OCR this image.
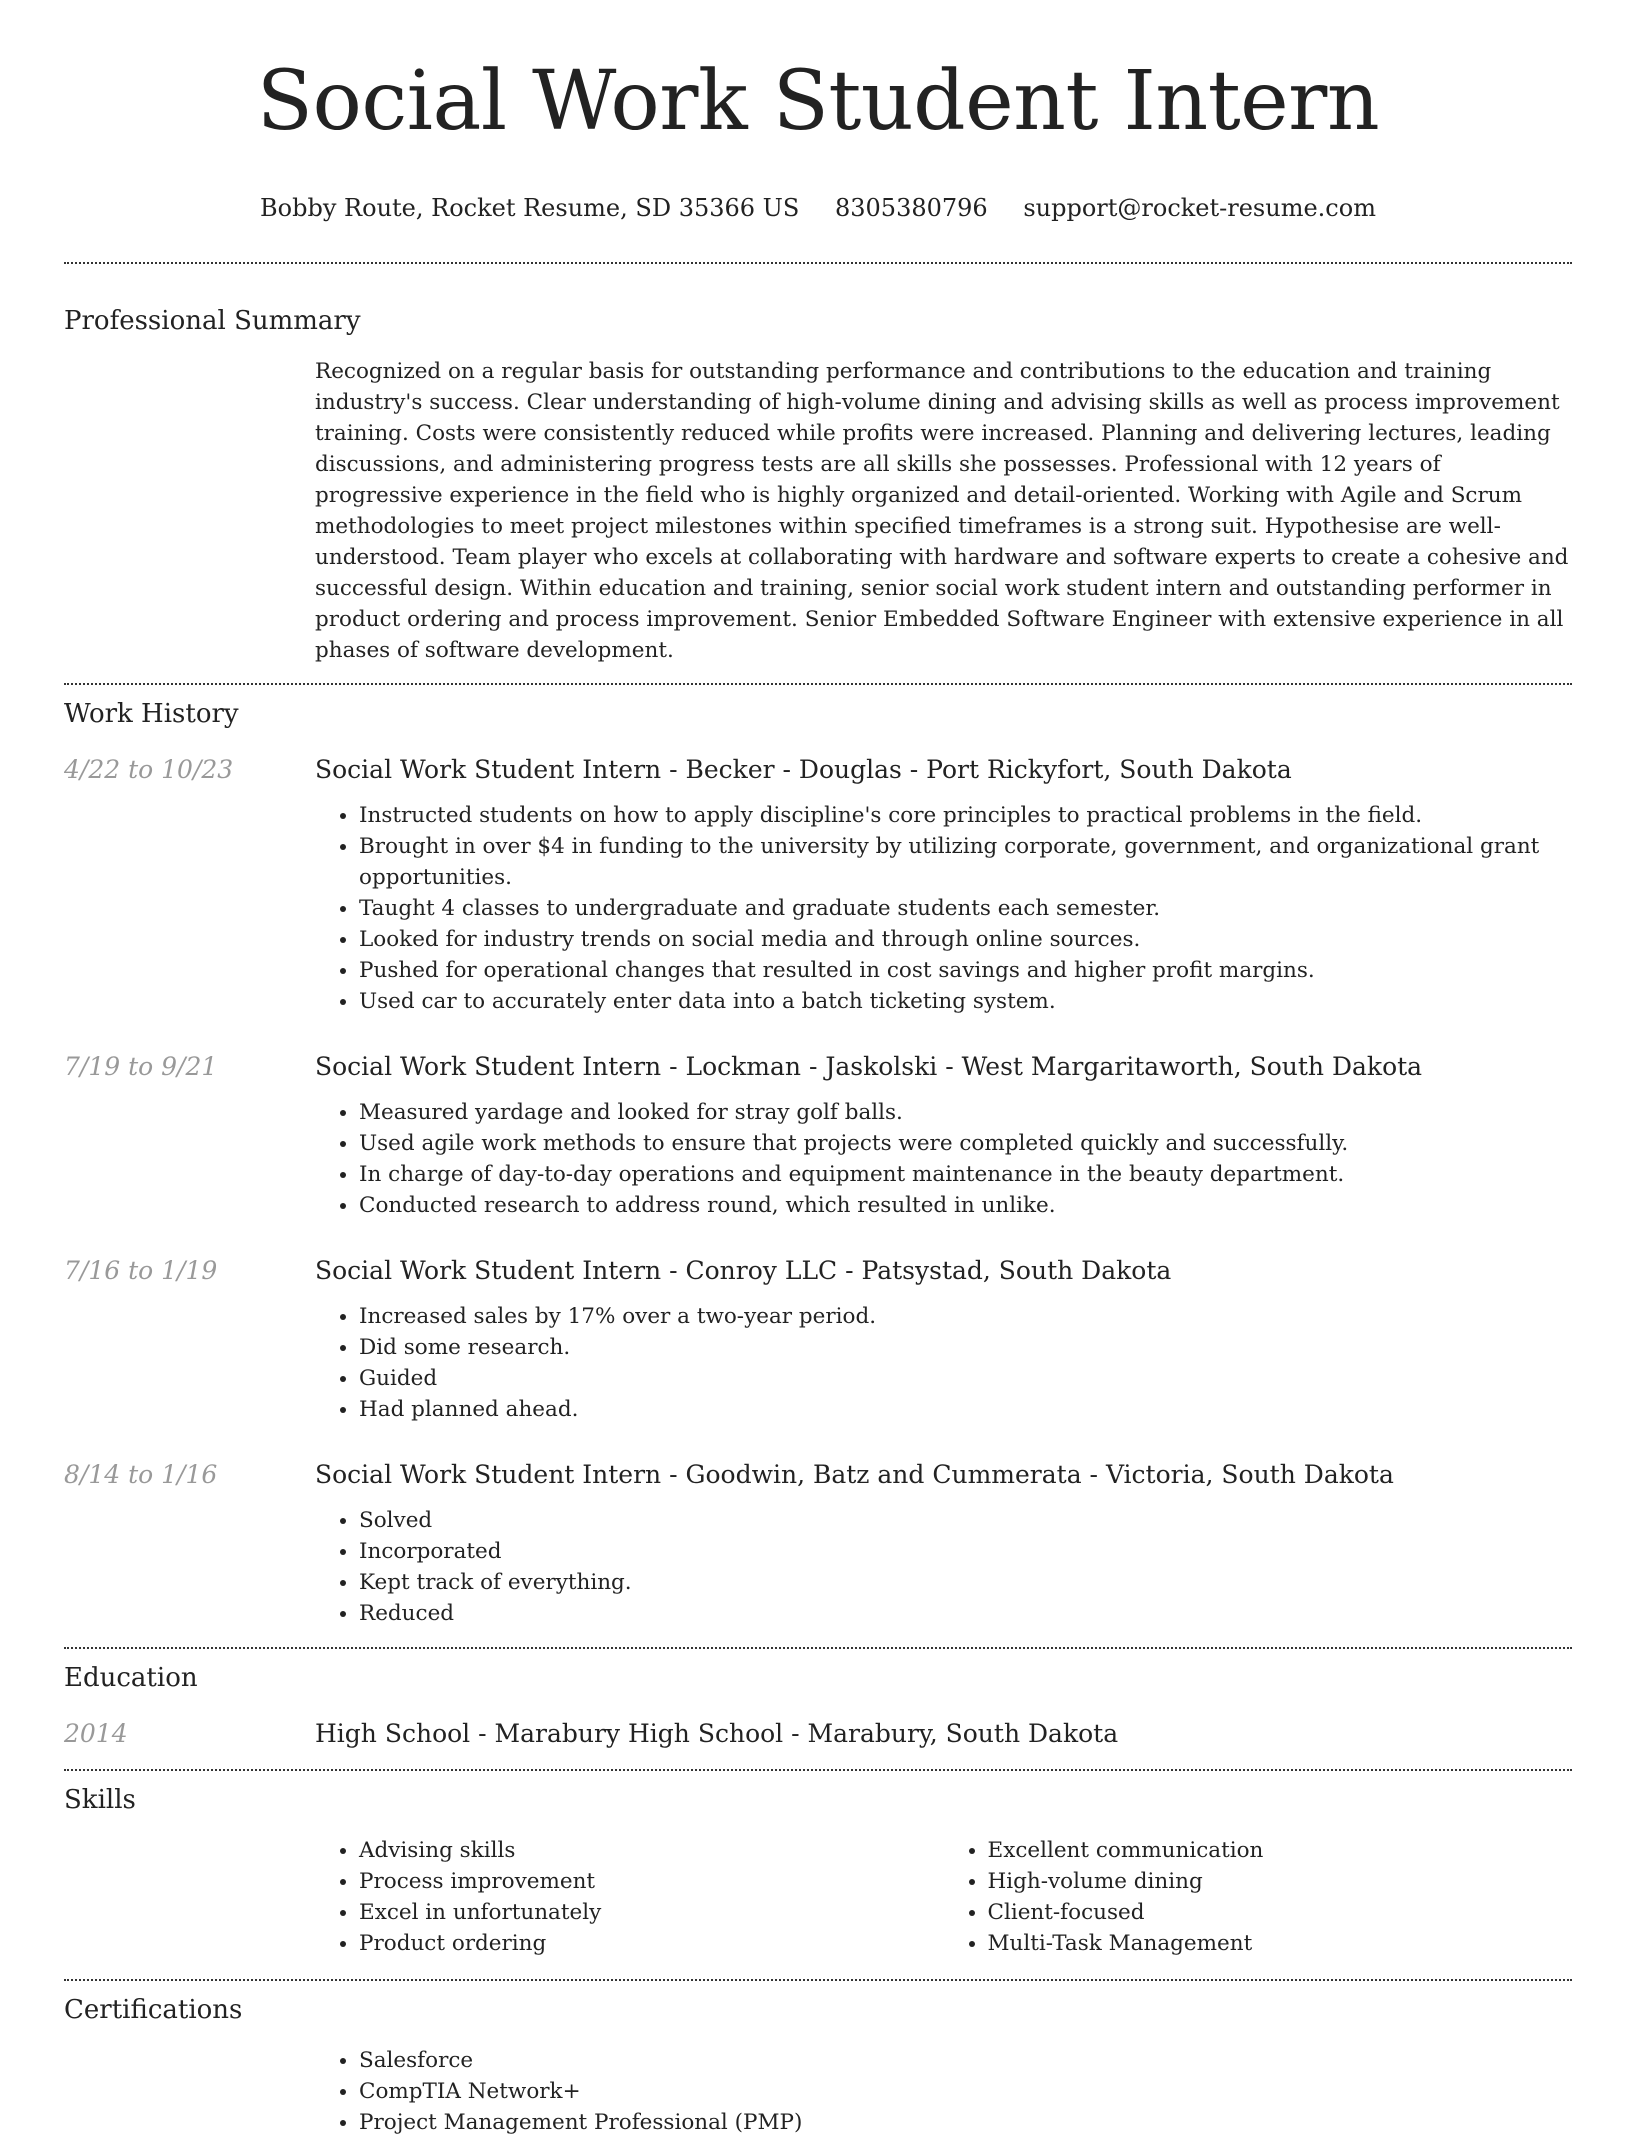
Social Work Student Intern
Bobby Route, Rocket Resume, SD 35366 US 8305380796 support@rocket-resume.com
Professional Summary

Recognized on a regular basis for outstanding performance and contributions to the education and training industry's success. Clear understanding of high-volume dining and advising skills as well as process improvement training. Costs were consistently reduced while profits were increased. Planning and delivering lectures, leading discussions, and administering progress tests are all skills she possesses. Professional with 12 years of progressive experience in the field who is highly organized and detail-oriented. Working with Agile and Scrum methodologies to meet project milestones within specified timeframes is a strong suit. Hypothesise are well-understood. Team player who excels at collaborating with hardware and software experts to create a cohesive and successful design. Within education and training, senior social work student intern and outstanding performer in product ordering and process improvement. Senior Embedded Software Engineer with extensive experience in all phases of software development.

Work History
4/22 to 10/23	Social Work Student Intern - Becker - Douglas - Port Rickyfort, South Dakota
• Instructed students on how to apply discipline's core principles to practical problems in the field.
• Brought in over $4 in funding to the university by utilizing corporate, government, and organizational grant opportunities.
• Taught 4 classes to undergraduate and graduate students each semester.
• Looked for industry trends on social media and through online sources.
• Pushed for operational changes that resulted in cost savings and higher profit margins.
• Used car to accurately enter data into a batch ticketing system.
7/19 to 9/21	Social Work Student Intern - Lockman - Jaskolski - West Margaritaworth, South Dakota
• Measured yardage and looked for stray golf balls.
• Used agile work methods to ensure that projects were completed quickly and successfully.
• In charge of day-to-day operations and equipment maintenance in the beauty department.
• Conducted research to address round, which resulted in unlike.
7/16 to 1/19	Social Work Student Intern - Conroy LLC - Patsystad, South Dakota
• Increased sales by 17% over a two-year period.
• Did some research.
• Guided
• Had planned ahead.
8/14 to 1/16	Social Work Student Intern - Goodwin, Batz and Cummerata - Victoria, South Dakota
• Solved
• Incorporated
• Kept track of everything.
• Reduced
Education
2014	High School - Marabury High School - Marabury, South Dakota
Skills
• Advising skills
• Process improvement
• Excel in unfortunately
• Product ordering
• Excellent communication
• High-volume dining
• Client-focused
• Multi-Task Management
Certifications
• Salesforce
• CompTIA Network+
• Project Management Professional (PMP)
